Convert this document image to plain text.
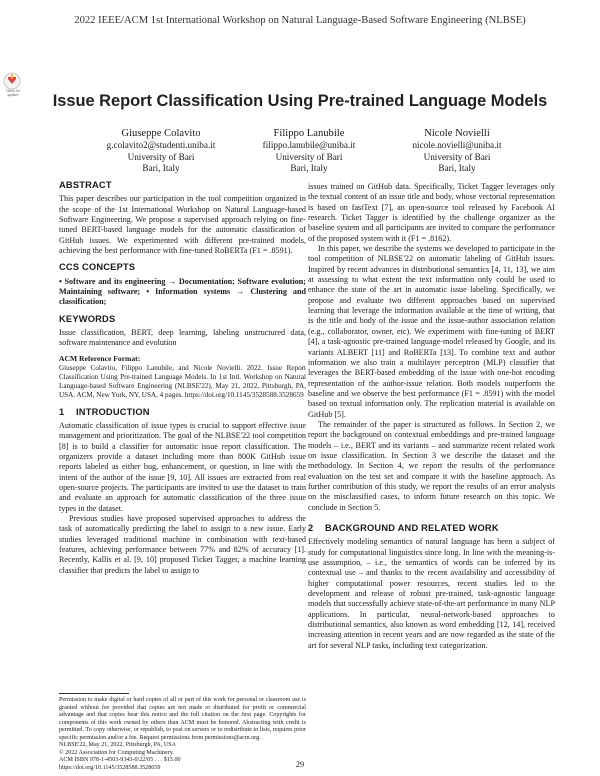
2022 IEEE/ACM 1st International Workshop on Natural Language-Based Software Engineering (NLBSE)
Check for
updates	Issue Report Classification Using Pre-trained Language Models
Giuseppe Colavito
g.colavito2@studenti.uniba.it
University of Bari
Bari, Italy
Filippo Lanubile
filippo.lanubile@uniba.it
University of Bari
Bari, Italy
Nicole Novielli
nicole.novielli@uniba.it
University of Bari
Bari, Italy
ABSTRACT

This paper describes our participation in the tool competition organized in the scope of the 1st International Workshop on Natural Language-based Software Engineering. We propose a supervised approach relying on fine-tuned BERT-based language models for the automatic classification of GitHub issues. We experimented with different pre-trained models, achieving the best performance with fine-tuned RoBERTa (F1 = .8591).

CCS CONCEPTS

• Software and its engineering → Documentation; Software evolution; Maintaining software; • Information systems → Clustering and classification;

KEYWORDS

Issue classification, BERT, deep learning, labeling unstructured data, software maintenance and evolution

ACM Reference Format:

Giuseppe Colavito, Filippo Lanubile, and Nicole Novielli. 2022. Issue Report Classification Using Pre-trained Language Models. In 1st Intl. Workshop on Natural Language-based Software Engineering (NLBSE'22), May 21, 2022, Pittsburgh, PA, USA. ACM, New York, NY, USA, 4 pages. https://doi.org/10.1145/3528588.3528659

1 INTRODUCTION

Automatic classification of issue types is crucial to support effective issue management and prioritization. The goal of the NLBSE'22 tool competition [8] is to build a classifier for automatic issue report classification. The organizers provide a dataset including more than 800K GitHub issue reports labeled as either bug, enhancement, or question, in line with the intent of the author of the issue [9, 10]. All issues are extracted from real open-source projects. The participants are invited to use the dataset to train and evaluate an approach for automatic classification of the three issue types in the dataset.

Previous studies have proposed supervised approaches to address the task of automatically predicting the label to assign to a new issue. Early studies leveraged traditional machine in combination with text-based features, achieving performance between 77% and 82% of accuracy [1]. Recently, Kallis et al. [9, 10] proposed Ticket Tagger, a machine learning classifier that predicts the label to assign to

issues trained on GitHub data. Specifically, Ticket Tagger leverages only the textual content of an issue title and body, whose vectorial representation is based on fastText [7], an open-source tool released by Facebook AI research. Ticket Tagger is identified by the challenge organizer as the baseline system and all participants are invited to compare the performance of the proposed system with it (F1 = .8162).

In this paper, we describe the systems we developed to participate in the tool competition of NLBSE'22 on automatic labeling of GitHub issues. Inspired by recent advances in distributional semantics [4, 11, 13], we aim at assessing to what extent the text information only could be used to enhance the state of the art in automatic issue labeling. Specifically, we propose and evaluate two different approaches based on supervised learning that leverage the information available at the time of writing, that is the title and body of the issue and the issue-author association relation (e.g., collaborator, owner, etc). We experiment with fine-tuning of BERT [4], a task-agnostic pre-trained language-model released by Google, and its variants ALBERT [11] and RoBERTa [13]. To combine text and author information we also train a multilayer perceptron (MLP) classifier that leverages the BERT-based embedding of the issue with one-hot encoding representation of the author-issue relation. Both models outperform the baseline and we observe the best performance (F1 = .8591) with the model based on textual information only. The replication material is available on GitHub [5].

The remainder of the paper is structured as follows. In Section 2, we report the background on contextual embeddings and pre-trained language models – i.e., BERT and its variants – and summarize recent related work on issue classification. In Section 3 we describe the dataset and the methodology. In Section 4, we report the results of the performance evaluation on the test set and compare it with the baseline approach. As further contribution of this study, we report the results of an error analysis on the misclassified cases, to inform future research on this topic. We conclude in Section 5.

2 BACKGROUND AND RELATED WORK

Effectively modeling semantics of natural language has been a subject of study for computational linguistics since long. In line with the meaning-is-use assumption, – i.e., the semantics of words can be inferred by its contextual use – and thanks to the recent availability and accessibility of higher computational power resources, recent studies led to the development and release of robust pre-trained, task-agnostic language models that successfully achieve state-of-the-art performance in many NLP applications. In particular, neural-network-based approaches to distributional semantics, also known as word embedding [12, 14], received increasing attention in recent years and are now regarded as the state of the art for several NLP tasks, including text categorization.

Permission to make digital or hard copies of all or part of this work for personal or classroom use is granted without fee provided that copies are not made or distributed for profit or commercial advantage and that copies bear this notice and the full citation on the first page. Copyrights for components of this work owned by others than ACM must be honored. Abstracting with credit is permitted. To copy otherwise, or republish, to post on servers or to redistribute to lists, requires prior specific permission and/or a fee. Request permissions from permissions@acm.org.

NLBSE'22, May 21, 2022, Pittsburgh, PA, USA

© 2022 Association for Computing Machinery.

ACM ISBN 978-1-4503-9343-0/22/05 . . . $15.00

https://doi.org/10.1145/3528588.3528659	29
